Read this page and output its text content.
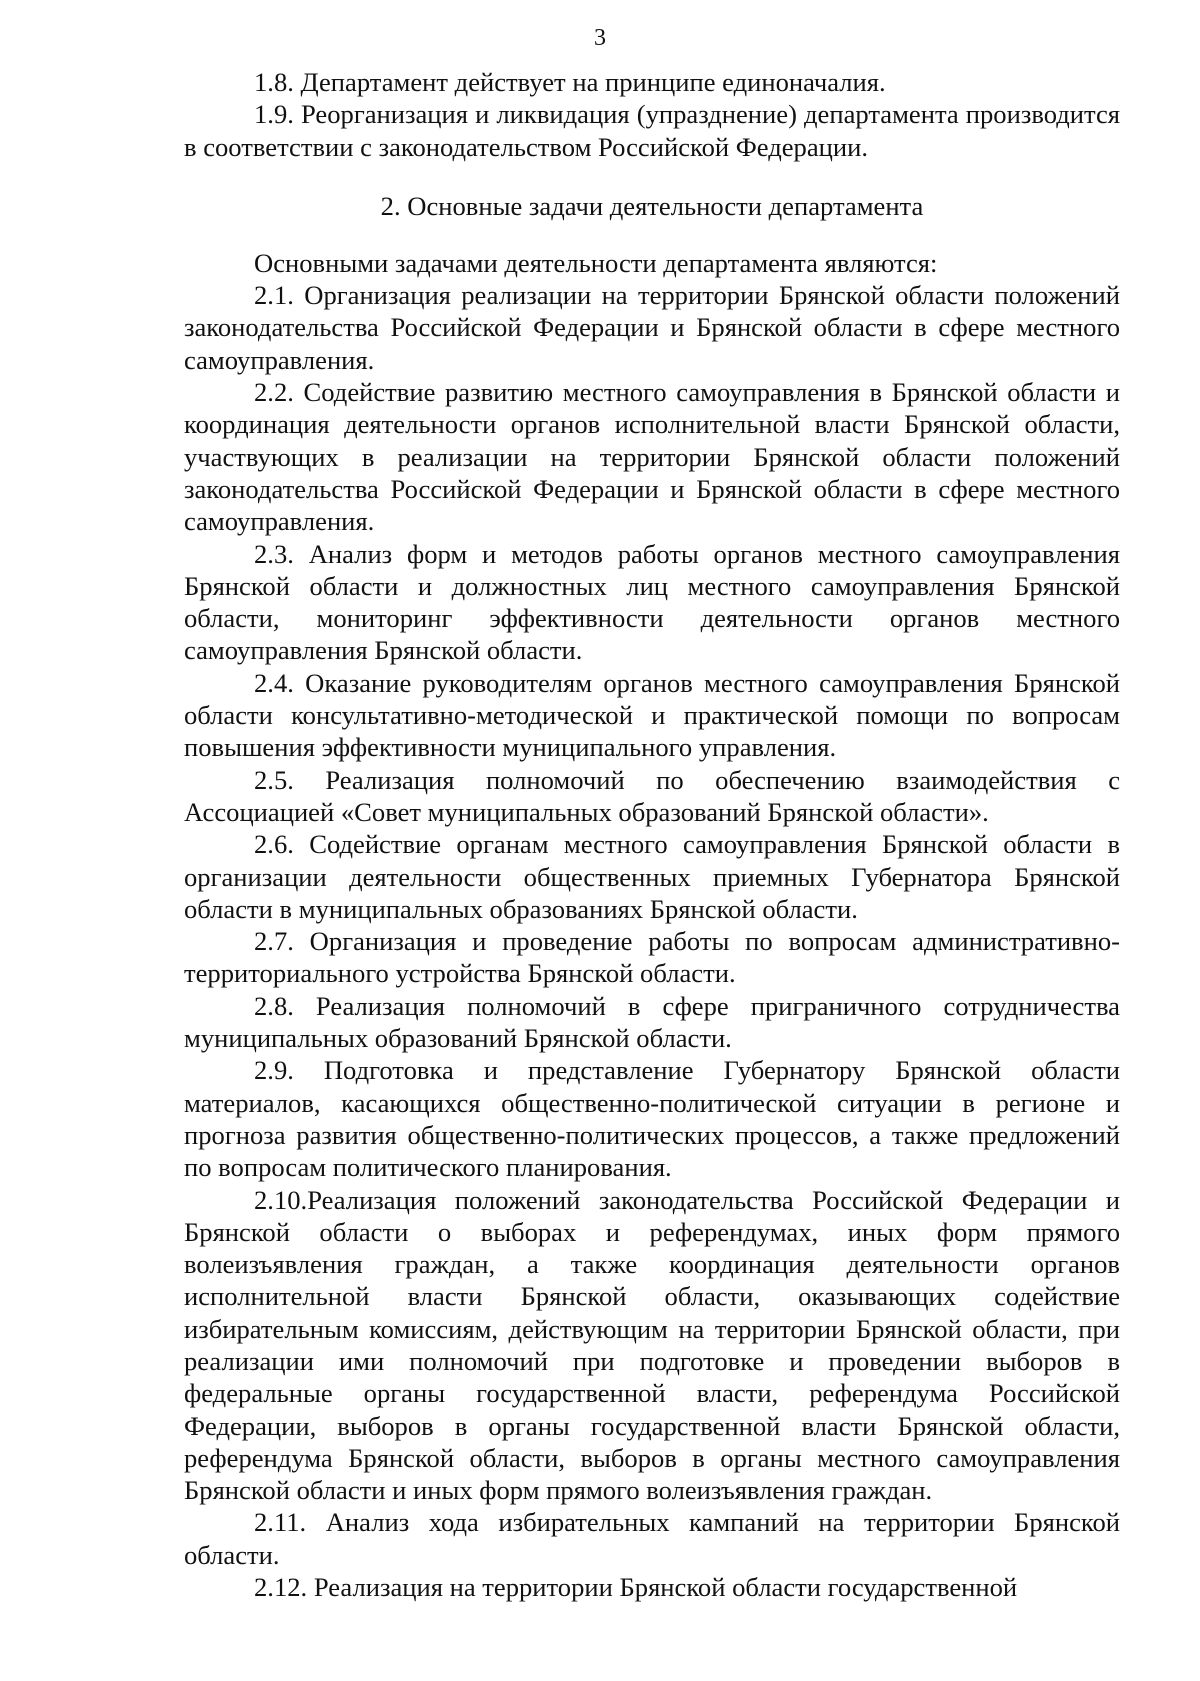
3

1.8. Департамент действует на принципе единоначалия.

1.9. Реорганизация и ликвидация (упразднение) департамента производится в соответствии с законодательством Российской Федерации.

2. Основные задачи деятельности департамента

Основными задачами деятельности департамента являются:

2.1. Организация реализации на территории Брянской области положений законодательства Российской Федерации и Брянской области в сфере местного самоуправления.

2.2. Содействие развитию местного самоуправления в Брянской области и координация деятельности органов исполнительной власти Брянской области, участвующих в реализации на территории Брянской области положений законодательства Российской Федерации и Брянской области в сфере местного самоуправления.

2.3. Анализ форм и методов работы органов местного самоуправления Брянской области и должностных лиц местного самоуправления Брянской области, мониторинг эффективности деятельности органов местного самоуправления Брянской области.

2.4. Оказание руководителям органов местного самоуправления Брянской области консультативно-методической и практической помощи по вопросам повышения эффективности муниципального управления.

2.5. Реализация полномочий по обеспечению взаимодействия с Ассоциацией «Совет муниципальных образований Брянской области».

2.6. Содействие органам местного самоуправления Брянской области в организации деятельности общественных приемных Губернатора Брянской области в муниципальных образованиях Брянской области.

2.7. Организация и проведение работы по вопросам административно-территориального устройства Брянской области.

2.8. Реализация полномочий в сфере приграничного сотрудничества муниципальных образований Брянской области.

2.9. Подготовка и представление Губернатору Брянской области материалов, касающихся общественно-политической ситуации в регионе и прогноза развития общественно-политических процессов, а также предложений по вопросам политического планирования.

2.10.Реализация положений законодательства Российской Федерации и Брянской области о выборах и референдумах, иных форм прямого волеизъявления граждан, а также координация деятельности органов исполнительной власти Брянской области, оказывающих содействие избирательным комиссиям, действующим на территории Брянской области, при реализации ими полномочий при подготовке и проведении выборов в федеральные органы государственной власти, референдума Российской Федерации, выборов в органы государственной власти Брянской области, референдума Брянской области, выборов в органы местного самоуправления Брянской области и иных форм прямого волеизъявления граждан.

2.11. Анализ хода избирательных кампаний на территории Брянской области.

2.12. Реализация на территории Брянской области государственной
